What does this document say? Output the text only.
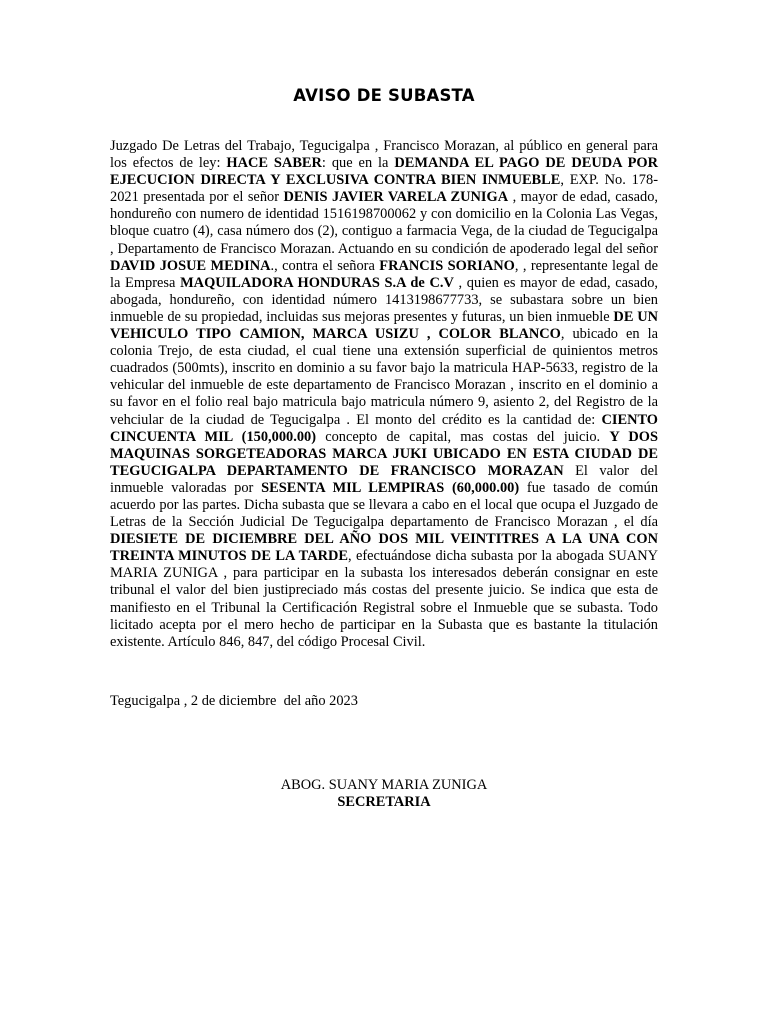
AVISO DE SUBASTA

Juzgado De Letras del Trabajo, Tegucigalpa , Francisco Morazan, al público en general para los efectos de ley: HACE SABER: que en la DEMANDA EL PAGO DE DEUDA POR EJECUCION DIRECTA Y EXCLUSIVA CONTRA BIEN INMUEBLE, EXP. No. 178-2021 presentada por el señor DENIS JAVIER VARELA ZUNIGA , mayor de edad, casado, hondureño con numero de identidad 1516198700062 y con domicilio en la Colonia Las Vegas, bloque cuatro (4), casa número dos (2), contiguo a farmacia Vega, de la ciudad de Tegucigalpa , Departamento de Francisco Morazan. Actuando en su condición de apoderado legal del señor DAVID JOSUE MEDINA., contra el señora FRANCIS SORIANO, , representante legal de la Empresa MAQUILADORA HONDURAS S.A de C.V , quien es mayor de edad, casado, abogada, hondureño, con identidad número 1413198677733, se subastara sobre un bien inmueble de su propiedad, incluidas sus mejoras presentes y futuras, un bien inmueble DE UN VEHICULO TIPO CAMION, MARCA USIZU , COLOR BLANCO, ubicado en la colonia Trejo, de esta ciudad, el cual tiene una extensión superficial de quinientos metros cuadrados (500mts), inscrito en dominio a su favor bajo la matricula HAP-5633, registro de la vehicular del inmueble de este departamento de Francisco Morazan , inscrito en el dominio a su favor en el folio real bajo matricula bajo matricula número 9, asiento 2, del Registro de la vehciular de la ciudad de Tegucigalpa . El monto del crédito es la cantidad de: CIENTO CINCUENTA MIL (150,000.00) concepto de capital, mas costas del juicio. Y DOS MAQUINAS SORGETEADORAS MARCA JUKI UBICADO EN ESTA CIUDAD DE TEGUCIGALPA DEPARTAMENTO DE FRANCISCO MORAZAN El valor del inmueble valoradas por SESENTA MIL LEMPIRAS (60,000.00) fue tasado de común acuerdo por las partes. Dicha subasta que se llevara a cabo en el local que ocupa el Juzgado de Letras de la Sección Judicial De Tegucigalpa departamento de Francisco Morazan , el día DIESIETE DE DICIEMBRE DEL AÑO DOS MIL VEINTITRES A LA UNA CON TREINTA MINUTOS DE LA TARDE, efectuándose dicha subasta por la abogada SUANY MARIA ZUNIGA , para participar en la subasta los interesados deberán consignar en este tribunal el valor del bien justipreciado más costas del presente juicio. Se indica que esta de manifiesto en el Tribunal la Certificación Registral sobre el Inmueble que se subasta. Todo licitado acepta por el mero hecho de participar en la Subasta que es bastante la titulación existente. Artículo 846, 847, del código Procesal Civil.

Tegucigalpa , 2 de diciembre  del año 2023
ABOG. SUANY MARIA ZUNIGA
SECRETARIA
